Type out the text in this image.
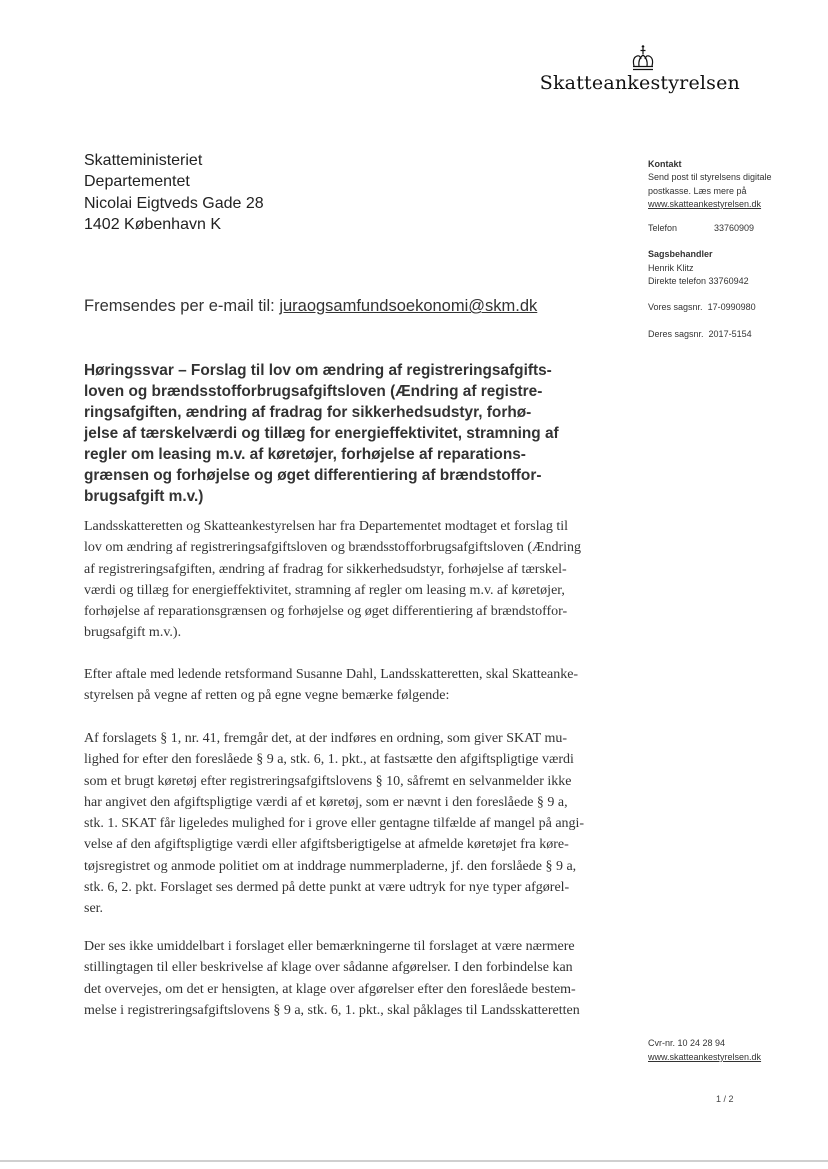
Skatteankestyrelsen
Skatteministeriet
Departementet
Nicolai Eigtveds Gade 28
1402 København K
Fremsendes per e-mail til: juraogsamfundsoekonomi@skm.dk
Høringssvar – Forslag til lov om ændring af registreringsafgifts-
loven og brændsstofforbrugsafgiftsloven (Ændring af registre-
ringsafgiften, ændring af fradrag for sikkerhedsudstyr, forhø-
jelse af tærskelværdi og tillæg for energieffektivitet, stramning af
regler om leasing m.v. af køretøjer, forhøjelse af reparations-
grænsen og forhøjelse og øget differentiering af brændstoffor-
brugsafgift m.v.)

Landsskatteretten og Skatteankestyrelsen har fra Departementet modtaget et forslag til
lov om ændring af registreringsafgiftsloven og brændsstofforbrugsafgiftsloven (Ændring
af registreringsafgiften, ændring af fradrag for sikkerhedsudstyr, forhøjelse af tærskel-
værdi og tillæg for energieffektivitet, stramning af regler om leasing m.v. af køretøjer,
forhøjelse af reparationsgrænsen og forhøjelse og øget differentiering af brændstoffor-
brugsafgift m.v.).

Efter aftale med ledende retsformand Susanne Dahl, Landsskatteretten, skal Skatteanke-
styrelsen på vegne af retten og på egne vegne bemærke følgende:

Af forslagets § 1, nr. 41, fremgår det, at der indføres en ordning, som giver SKAT mu-
lighed for efter den foreslåede § 9 a, stk. 6, 1. pkt., at fastsætte den afgiftspligtige værdi
som et brugt køretøj efter registreringsafgiftslovens § 10, såfremt en selvanmelder ikke
har angivet den afgiftspligtige værdi af et køretøj, som er nævnt i den foreslåede § 9 a,
stk. 1. SKAT får ligeledes mulighed for i grove eller gentagne tilfælde af mangel på angi-
velse af den afgiftspligtige værdi eller afgiftsberigtigelse at afmelde køretøjet fra køre-
tøjsregistret og anmode politiet om at inddrage nummerpladerne, jf. den forslåede § 9 a,
stk. 6, 2. pkt. Forslaget ses dermed på dette punkt at være udtryk for nye typer afgørel-
ser.

Der ses ikke umiddelbart i forslaget eller bemærkningerne til forslaget at være nærmere
stillingtagen til eller beskrivelse af klage over sådanne afgørelser. I den forbindelse kan
det overvejes, om det er hensigten, at klage over afgørelser efter den foreslåede bestem-
melse i registreringsafgiftslovens § 9 a, stk. 6, 1. pkt., skal påklages til Landsskatteretten

Kontakt
Send post til styrelsens digitale
postkasse. Læs mere på
www.skatteankestyrelsen.dk
Telefon	33760909
Sagsbehandler
Henrik Klitz
Direkte telefon 33760942
Vores sagsnr. 17-0990980
Deres sagsnr. 2017-5154
Cvr-nr. 10 24 28 94
www.skatteankestyrelsen.dk
1 / 2
